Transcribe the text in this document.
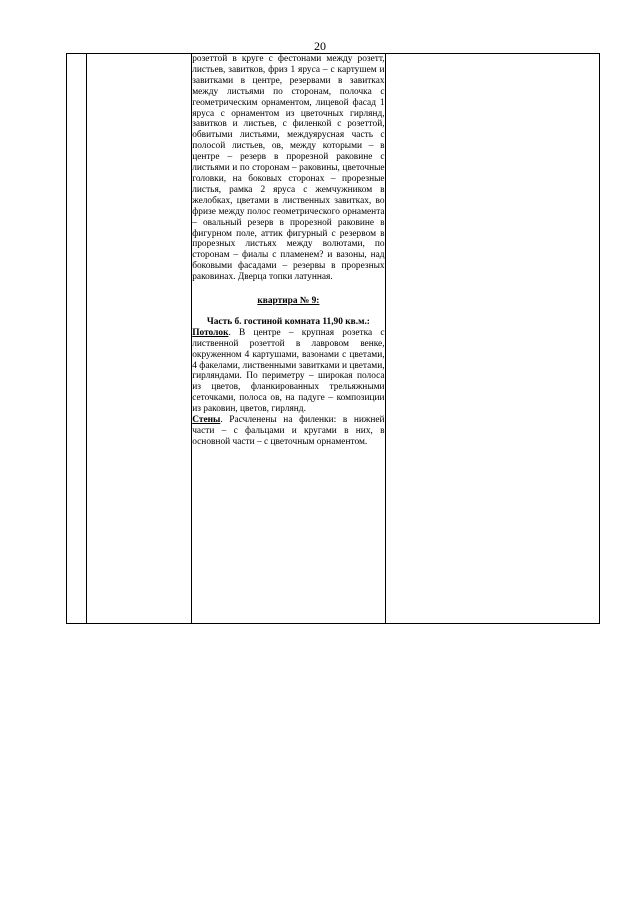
20

розеттой в круге с фестонами между розетт, листьев, завитков, фриз 1 яруса – с картушем и завитками в центре, резервами в завитках между листьями по сторонам, полочка с геометрическим орнаментом, лицевой фасад 1 яруса с орнаментом из цветочных гирлянд, завитков и листьев, с филенкой с розеттой, обвитыми листьями, междуярусная часть с полосой листьев, ов, между которыми – в центре – резерв в прорезной раковине с листьями и по сторонам – раковины, цветочные головки, на боковых сторонах – прорезные листья, рамка 2 яруса с жемчужником в желобках, цветами в лиственных завитках, во фризе между полос геометрического орнамента – овальный резерв в прорезной раковине в фигурном поле, аттик фигурный с резервом в прорезных листьях между волютами, по сторонам – фиалы с пламенем? и вазоны, над боковыми фасадами – резервы в прорезных раковинах. Дверца топки латунная.

квартира № 9:

Часть б. гостиной комната 11,90 кв.м.:

Потолок. В центре – крупная розетка с лиственной розеттой в лавровом венке, окруженном 4 картушами, вазонами с цветами, 4 факелами, лиственными завитками и цветами, гирляндами. По периметру – широкая полоса из цветов, фланкированных трельяжными сеточками, полоса ов, на падуге – композиции из раковин, цветов, гирлянд.

Стены. Расчленены на филенки: в нижней части – с фальцами и кругами в них, в основной части – с цветочным орнаментом.
